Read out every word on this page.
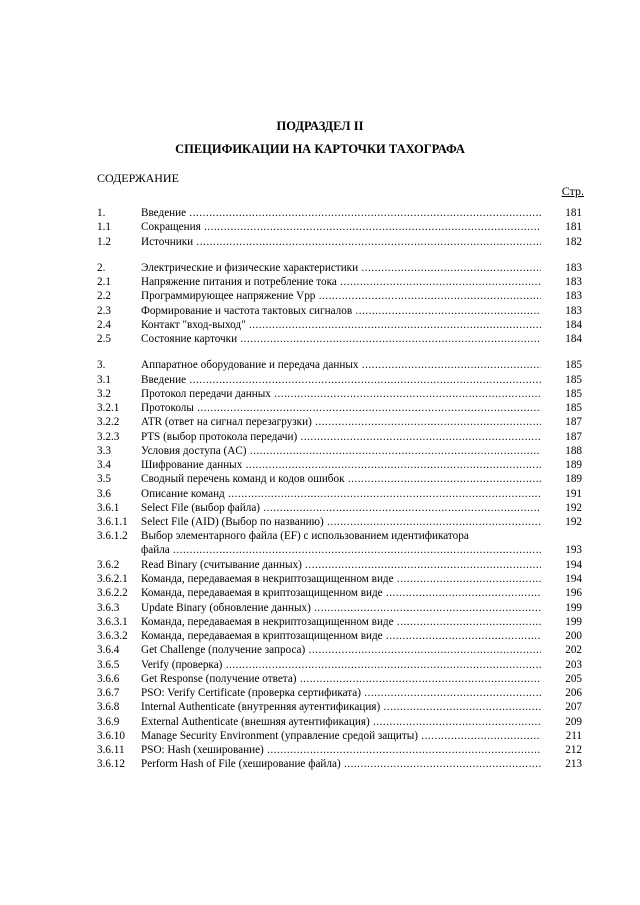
ПОДРАЗДЕЛ II
СПЕЦИФИКАЦИИ НА КАРТОЧКИ ТАХОГРАФА
СОДЕРЖАНИЕ
Стр.
1.	Введение .....	181
1.1	Сокращения .....	181
1.2	Источники .....	182
2.	Электрические и физические характеристики .....	183
2.1	Напряжение питания и потребление тока .....	183
2.2	Программирующее напряжение Vpp .....	183
2.3	Формирование и частота тактовых сигналов .....	183
2.4	Контакт "вход-выход" .....	184
2.5	Состояние карточки .....	184
3.	Аппаратное оборудование и передача данных .....	185
3.1	Введение .....	185
3.2	Протокол передачи данных .....	185
3.2.1 Протоколы .....	185
3.2.2 ATR (ответ на сигнал перезагрузки) .....	187
3.2.3 PTS (выбор протокола передачи) .....	187
3.3	Условия доступа (AC) .....	188
3.4	Шифрование данных .....	189
3.5	Сводный перечень команд и кодов ошибок .....	189
3.6	Описание команд .....	191
3.6.1 Select File (выбор файла) .....	192
3.6.1.1 Select File (AID) (Выбор по названию) .....	192
3.6.1.2 Выбор элементарного файла (EF) с использованием идентификатора
файла .....	193
3.6.2 Read Binary (считывание данных) .....	194
3.6.2.1 Команда, передаваемая в некриптозащищенном виде .....	194
3.6.2.2 Команда, передаваемая в криптозащищенном виде .....	196
3.6.3 Update Binary (обновление данных) .....	199
3.6.3.1 Команда, передаваемая в некриптозащищенном виде .....	199
3.6.3.2 Команда, передаваемая в криптозащищенном виде .....	200
3.6.4 Get Challenge (получение запроса) .....	202
3.6.5 Verify (проверка) .....	203
3.6.6 Get Response (получение ответа) .....	205
3.6.7 PSO: Verify Certificate (проверка сертификата) .....	206
3.6.8 Internal Authenticate (внутренняя аутентификация) .....	207
3.6.9 External Authenticate (внешняя аутентификация) .....	209
3.6.10 Manage Security Environment (управление средой защиты) .....	211
3.6.11 PSO: Hash (хеширование) .....	212
3.6.12 Perform Hash of File (хеширование файла) .....	213
